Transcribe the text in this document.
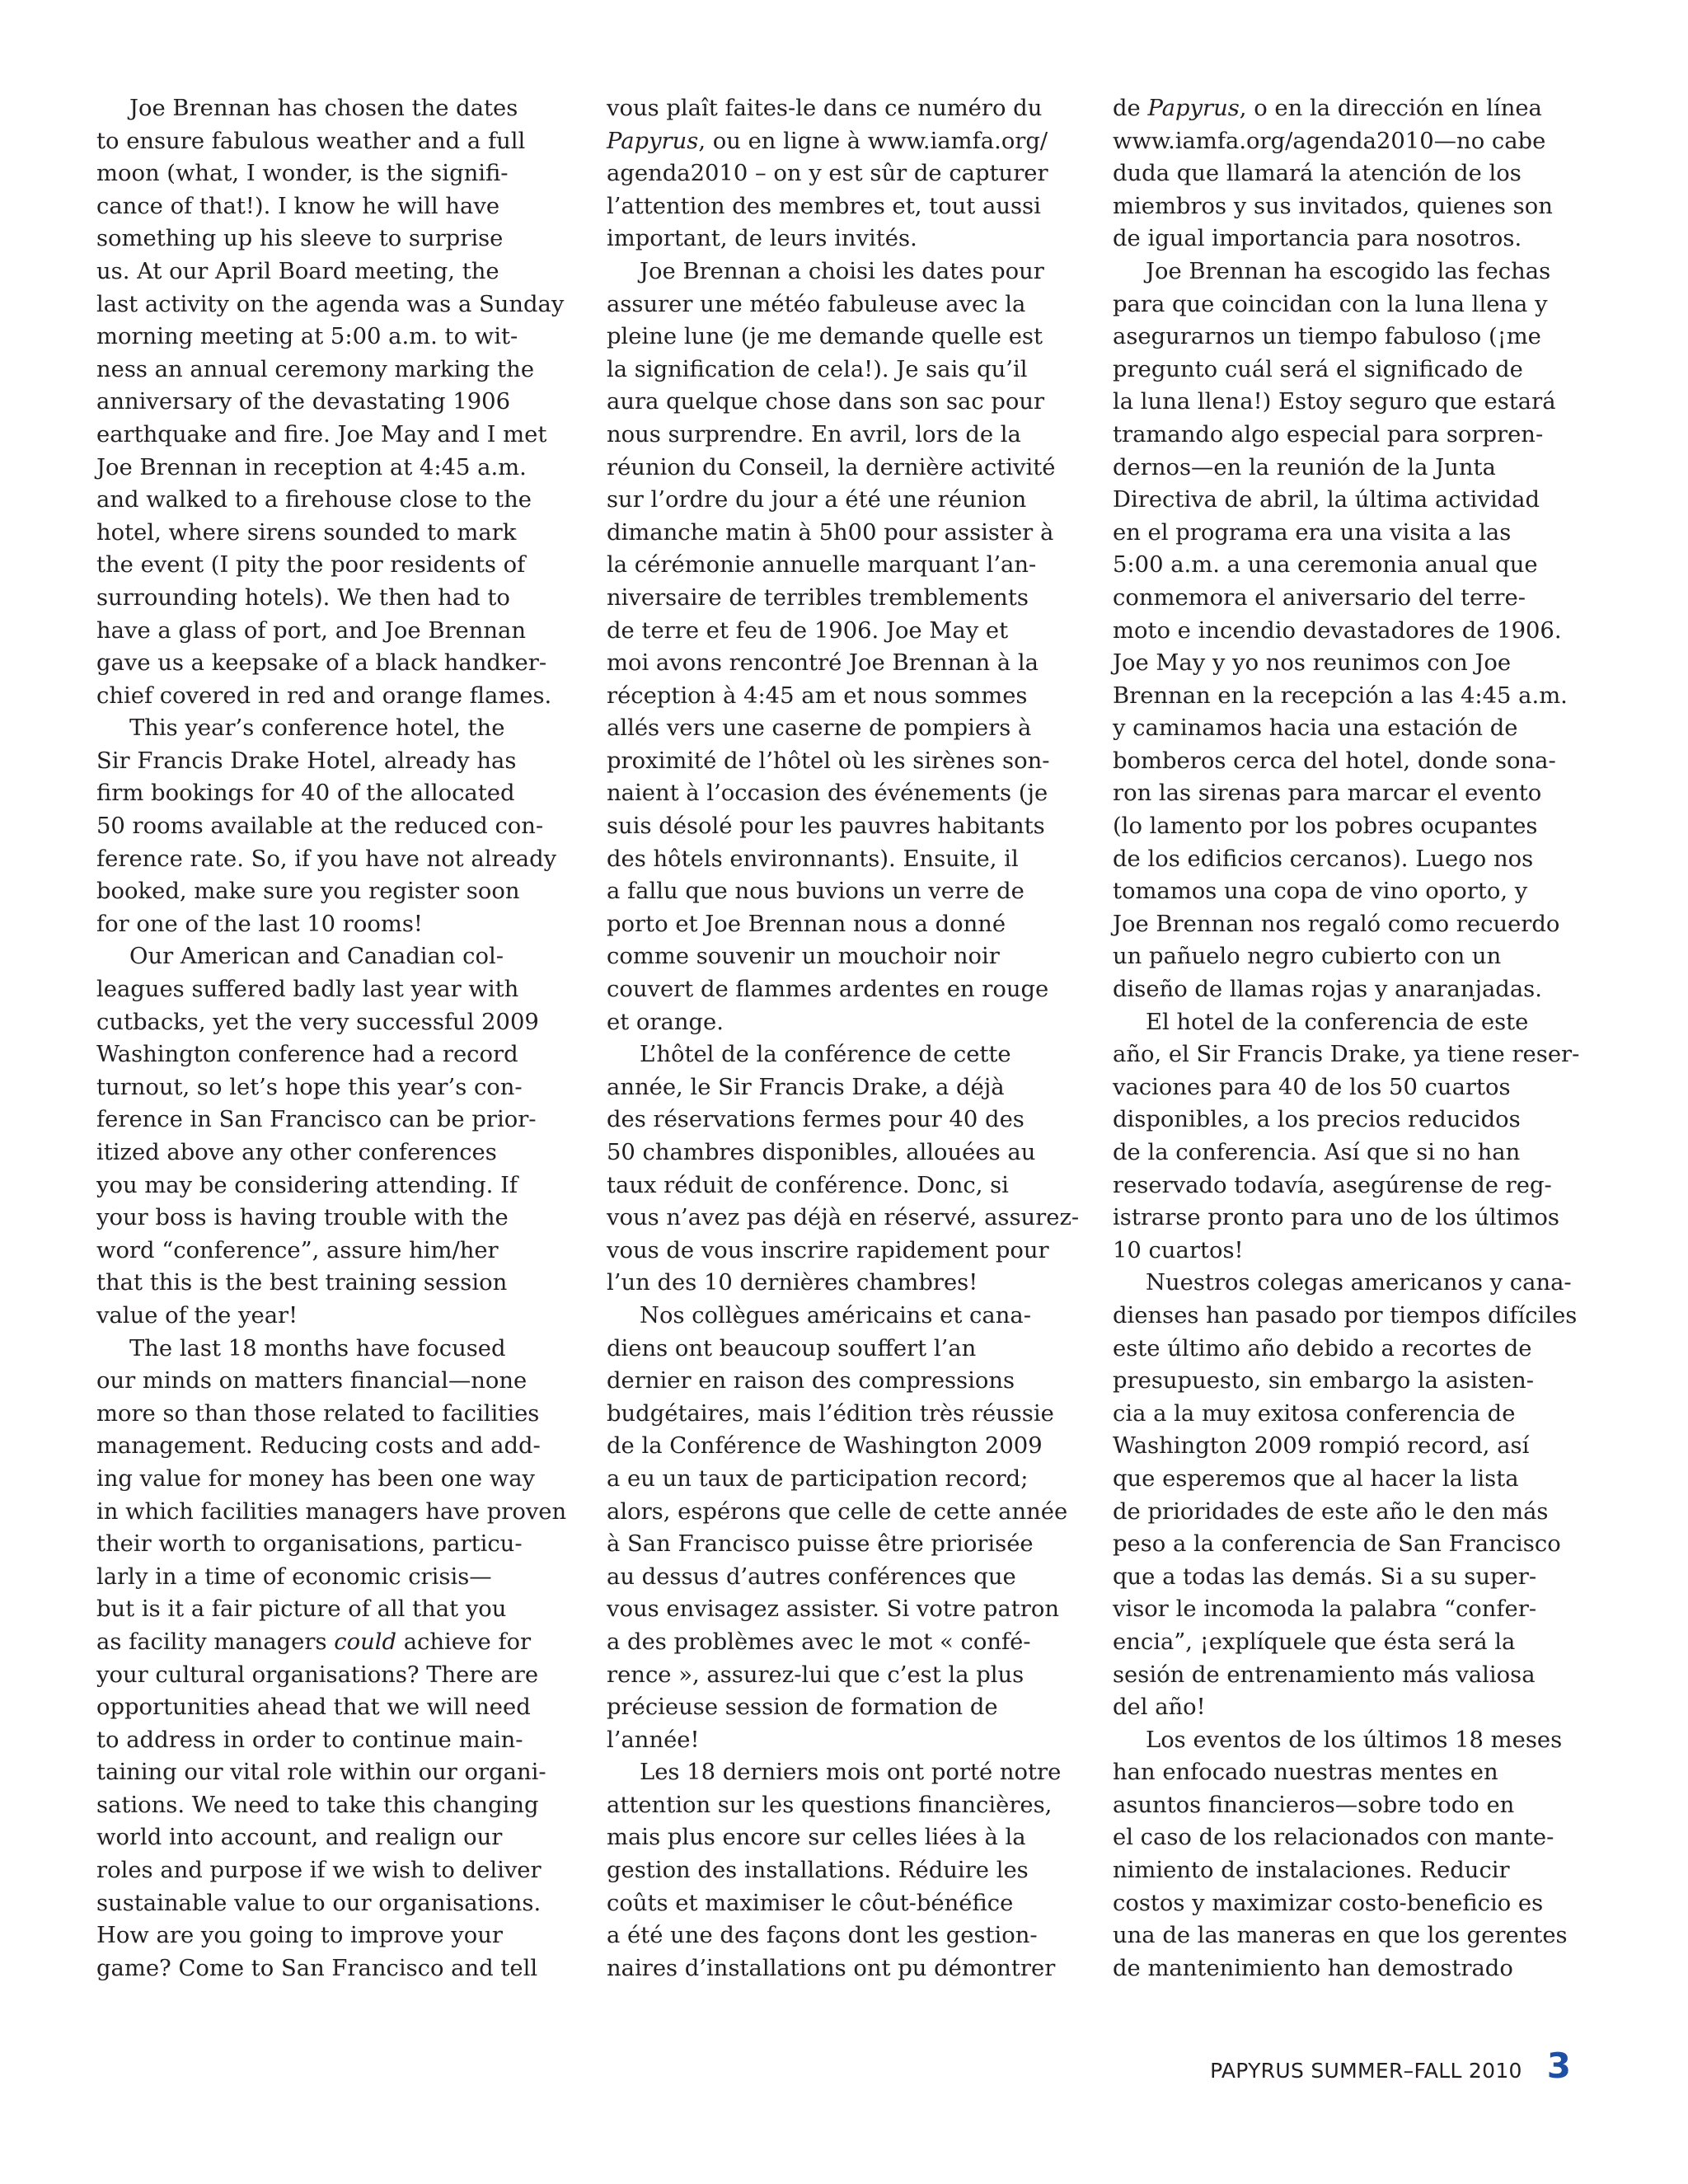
Joe Brennan has chosen the dates
to ensure fabulous weather and a full
moon (what, I wonder, is the signifi-
cance of that!). I know he will have
something up his sleeve to surprise
us. At our April Board meeting, the
last activity on the agenda was a Sunday
morning meeting at 5:00 a.m. to wit-
ness an annual ceremony marking the
anniversary of the devastating 1906
earthquake and fire. Joe May and I met
Joe Brennan in reception at 4:45 a.m.
and walked to a firehouse close to the
hotel, where sirens sounded to mark
the event (I pity the poor residents of
surrounding hotels). We then had to
have a glass of port, and Joe Brennan
gave us a keepsake of a black handker-
chief covered in red and orange flames.
This year’s conference hotel, the
Sir Francis Drake Hotel, already has
firm bookings for 40 of the allocated
50 rooms available at the reduced con-
ference rate. So, if you have not already
booked, make sure you register soon
for one of the last 10 rooms!
Our American and Canadian col-
leagues suffered badly last year with
cutbacks, yet the very successful 2009
Washington conference had a record
turnout, so let’s hope this year’s con-
ference in San Francisco can be prior-
itized above any other conferences
you may be considering attending. If
your boss is having trouble with the
word “conference”, assure him/her
that this is the best training session
value of the year!
The last 18 months have focused
our minds on matters financial—none
more so than those related to facilities
management. Reducing costs and add-
ing value for money has been one way
in which facilities managers have proven
their worth to organisations, particu-
larly in a time of economic crisis—
but is it a fair picture of all that you
as facility managers could achieve for
your cultural organisations? There are
opportunities ahead that we will need
to address in order to continue main-
taining our vital role within our organi-
sations. We need to take this changing
world into account, and realign our
roles and purpose if we wish to deliver
sustainable value to our organisations.
How are you going to improve your
game? Come to San Francisco and tell
vous plaît faites-le dans ce numéro du
Papyrus, ou en ligne à www.iamfa.org/
agenda2010 – on y est sûr de capturer
l’attention des membres et, tout aussi
important, de leurs invités.
Joe Brennan a choisi les dates pour
assurer une météo fabuleuse avec la
pleine lune (je me demande quelle est
la signification de cela!). Je sais qu’il
aura quelque chose dans son sac pour
nous surprendre. En avril, lors de la
réunion du Conseil, la dernière activité
sur l’ordre du jour a été une réunion
dimanche matin à 5h00 pour assister à
la cérémonie annuelle marquant l’an-
niversaire de terribles tremblements
de terre et feu de 1906. Joe May et
moi avons rencontré Joe Brennan à la
réception à 4:45 am et nous sommes
allés vers une caserne de pompiers à
proximité de l’hôtel où les sirènes son-
naient à l’occasion des événements (je
suis désolé pour les pauvres habitants
des hôtels environnants). Ensuite, il
a fallu que nous buvions un verre de
porto et Joe Brennan nous a donné
comme souvenir un mouchoir noir
couvert de flammes ardentes en rouge
et orange.
L’hôtel de la conférence de cette
année, le Sir Francis Drake, a déjà
des réservations fermes pour 40 des
50 chambres disponibles, allouées au
taux réduit de conférence. Donc, si
vous n’avez pas déjà en réservé, assurez-
vous de vous inscrire rapidement pour
l’un des 10 dernières chambres!
Nos collègues américains et cana-
diens ont beaucoup souffert l’an
dernier en raison des compressions
budgétaires, mais l’édition très réussie
de la Conférence de Washington 2009
a eu un taux de participation record;
alors, espérons que celle de cette année
à San Francisco puisse être priorisée
au dessus d’autres conférences que
vous envisagez assister. Si votre patron
a des problèmes avec le mot « confé-
rence », assurez-lui que c’est la plus
précieuse session de formation de
l’année!
Les 18 derniers mois ont porté notre
attention sur les questions financières,
mais plus encore sur celles liées à la
gestion des installations. Réduire les
coûts et maximiser le côut-bénéfice
a été une des façons dont les gestion-
naires d’installations ont pu démontrer
de Papyrus, o en la dirección en línea
www.iamfa.org/agenda2010—no cabe
duda que llamará la atención de los
miembros y sus invitados, quienes son
de igual importancia para nosotros.
Joe Brennan ha escogido las fechas
para que coincidan con la luna llena y
asegurarnos un tiempo fabuloso (¡me
pregunto cuál será el significado de
la luna llena!) Estoy seguro que estará
tramando algo especial para sorpren-
dernos—en la reunión de la Junta
Directiva de abril, la última actividad
en el programa era una visita a las
5:00 a.m. a una ceremonia anual que
conmemora el aniversario del terre-
moto e incendio devastadores de 1906.
Joe May y yo nos reunimos con Joe
Brennan en la recepción a las 4:45 a.m.
y caminamos hacia una estación de
bomberos cerca del hotel, donde sona-
ron las sirenas para marcar el evento
(lo lamento por los pobres ocupantes
de los edificios cercanos). Luego nos
tomamos una copa de vino oporto, y
Joe Brennan nos regaló como recuerdo
un pañuelo negro cubierto con un
diseño de llamas rojas y anaranjadas.
El hotel de la conferencia de este
año, el Sir Francis Drake, ya tiene reser-
vaciones para 40 de los 50 cuartos
disponibles, a los precios reducidos
de la conferencia. Así que si no han
reservado todavía, asegúrense de reg-
istrarse pronto para uno de los últimos
10 cuartos!
Nuestros colegas americanos y cana-
dienses han pasado por tiempos difíciles
este último año debido a recortes de
presupuesto, sin embargo la asisten-
cia a la muy exitosa conferencia de
Washington 2009 rompió record, así
que esperemos que al hacer la lista
de prioridades de este año le den más
peso a la conferencia de San Francisco
que a todas las demás. Si a su super-
visor le incomoda la palabra “confer-
encia”, ¡explíquele que ésta será la
sesión de entrenamiento más valiosa
del año!
Los eventos de los últimos 18 meses
han enfocado nuestras mentes en
asuntos financieros—sobre todo en
el caso de los relacionados con mante-
nimiento de instalaciones. Reducir
costos y maximizar costo-beneficio es
una de las maneras en que los gerentes
de mantenimiento han demostrado
PAPYRUS SUMMER–FALL 2010 3
